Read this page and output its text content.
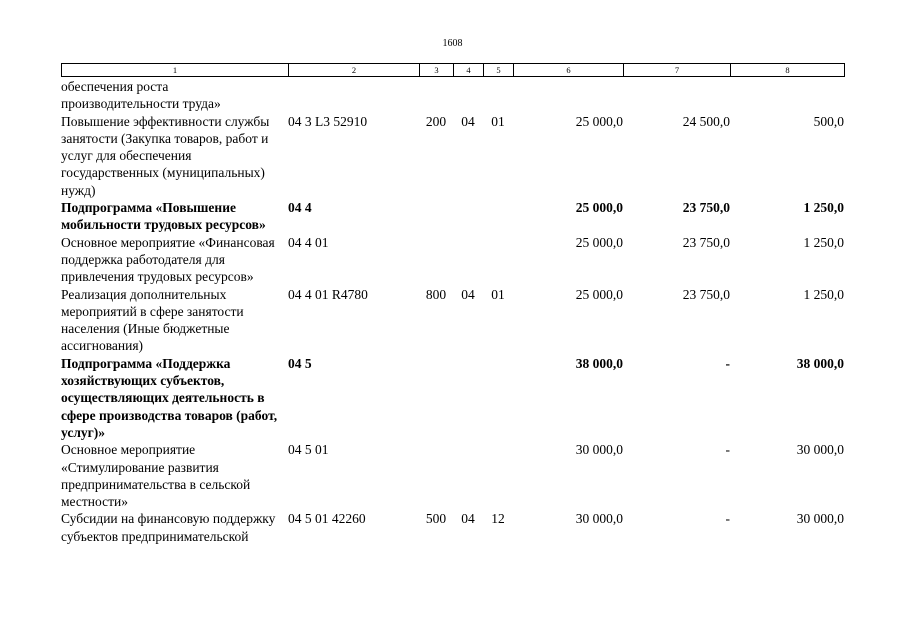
1608
1	2	3	4	5	6	7	8
обеспечения роста производительности труда»							
Повышение эффективности службы занятости (Закупка товаров, работ и услуг для обеспечения государственных (муниципальных) нужд)	04 3 L3 52910	200	04	01	25 000,0	24 500,0	500,0
Подпрограмма «Повышение мобильности трудовых ресурсов»	04 4				25 000,0	23 750,0	1 250,0
Основное мероприятие «Финансовая поддержка работодателя для привлечения трудовых ресурсов»	04 4 01				25 000,0	23 750,0	1 250,0
Реализация дополнительных мероприятий в сфере занятости населения (Иные бюджетные ассигнования)	04 4 01 R4780	800	04	01	25 000,0	23 750,0	1 250,0
Подпрограмма «Поддержка хозяйствующих субъектов, осуществляющих деятельность в сфере производства товаров (работ, услуг)»	04 5				38 000,0	-	38 000,0
Основное мероприятие «Стимулирование развития предпринимательства в сельской местности»	04 5 01				30 000,0	-	30 000,0
Субсидии на финансовую поддержку субъектов предпринимательской	04 5 01 42260	500	04	12	30 000,0	-	30 000,0
